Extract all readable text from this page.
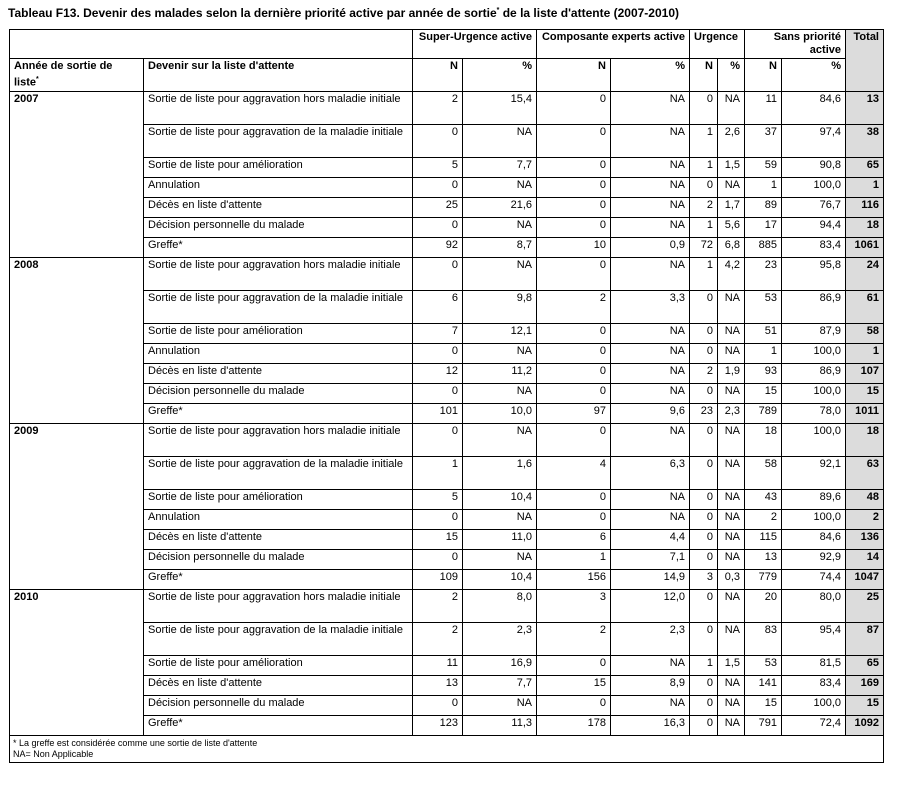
Tableau F13. Devenir des malades selon la dernière priorité active par année de sortie* de la liste d'attente (2007-2010)
		Super-Urgence active		Composante experts active		Urgence		Sans priorité active		Total
Année de sortie de liste*	Devenir sur la liste d'attente	N	%	N	%	N	%	N	%	
2007	Sortie de liste pour aggravation hors maladie initiale	2	15,4	0	NA	0	NA	11	84,6	13
	Sortie de liste pour aggravation de la maladie initiale	0	NA	0	NA	1	2,6	37	97,4	38
	Sortie de liste pour amélioration	5	7,7	0	NA	1	1,5	59	90,8	65
	Annulation	0	NA	0	NA	0	NA	1	100,0	1
	Décès en liste d'attente	25	21,6	0	NA	2	1,7	89	76,7	116
	Décision personnelle du malade	0	NA	0	NA	1	5,6	17	94,4	18
	Greffe*	92	8,7	10	0,9	72	6,8	885	83,4	1061
2008	Sortie de liste pour aggravation hors maladie initiale	0	NA	0	NA	1	4,2	23	95,8	24
	Sortie de liste pour aggravation de la maladie initiale	6	9,8	2	3,3	0	NA	53	86,9	61
	Sortie de liste pour amélioration	7	12,1	0	NA	0	NA	51	87,9	58
	Annulation	0	NA	0	NA	0	NA	1	100,0	1
	Décès en liste d'attente	12	11,2	0	NA	2	1,9	93	86,9	107
	Décision personnelle du malade	0	NA	0	NA	0	NA	15	100,0	15
	Greffe*	101	10,0	97	9,6	23	2,3	789	78,0	1011
2009	Sortie de liste pour aggravation hors maladie initiale	0	NA	0	NA	0	NA	18	100,0	18
	Sortie de liste pour aggravation de la maladie initiale	1	1,6	4	6,3	0	NA	58	92,1	63
	Sortie de liste pour amélioration	5	10,4	0	NA	0	NA	43	89,6	48
	Annulation	0	NA	0	NA	0	NA	2	100,0	2
	Décès en liste d'attente	15	11,0	6	4,4	0	NA	115	84,6	136
	Décision personnelle du malade	0	NA	1	7,1	0	NA	13	92,9	14
	Greffe*	109	10,4	156	14,9	3	0,3	779	74,4	1047
2010	Sortie de liste pour aggravation hors maladie initiale	2	8,0	3	12,0	0	NA	20	80,0	25
	Sortie de liste pour aggravation de la maladie initiale	2	2,3	2	2,3	0	NA	83	95,4	87
	Sortie de liste pour amélioration	11	16,9	0	NA	1	1,5	53	81,5	65
	Décès en liste d'attente	13	7,7	15	8,9	0	NA	141	83,4	169
	Décision personnelle du malade	0	NA	0	NA	0	NA	15	100,0	15
	Greffe*	123	11,3	178	16,3	0	NA	791	72,4	1092

* La greffe est considérée comme une sortie de liste d'attente
NA= Non Applicable										
